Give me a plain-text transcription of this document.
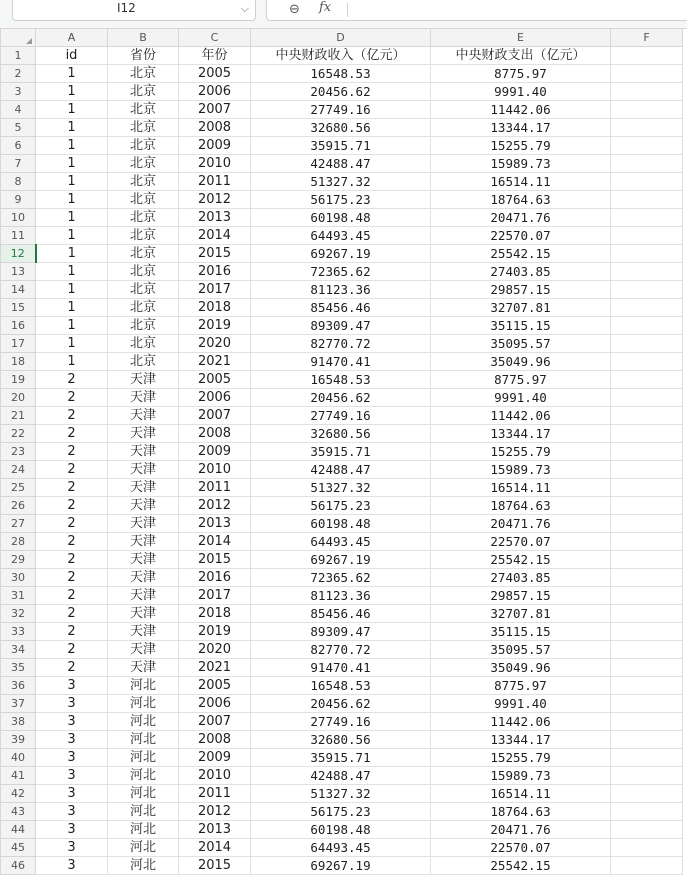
I12	⌵	⊖ fx
	A	B	C	D	E	F
1	id	省份	年份	中央财政收入（亿元）	中央财政支出（亿元）	
2	1	北京	2005	16548.53	8775.97	
3	1	北京	2006	20456.62	9991.40	
4	1	北京	2007	27749.16	11442.06	
5	1	北京	2008	32680.56	13344.17	
6	1	北京	2009	35915.71	15255.79	
7	1	北京	2010	42488.47	15989.73	
8	1	北京	2011	51327.32	16514.11	
9	1	北京	2012	56175.23	18764.63	
10	1	北京	2013	60198.48	20471.76	
11	1	北京	2014	64493.45	22570.07	
12	1	北京	2015	69267.19	25542.15	
13	1	北京	2016	72365.62	27403.85	
14	1	北京	2017	81123.36	29857.15	
15	1	北京	2018	85456.46	32707.81	
16	1	北京	2019	89309.47	35115.15	
17	1	北京	2020	82770.72	35095.57	
18	1	北京	2021	91470.41	35049.96	
19	2	天津	2005	16548.53	8775.97	
20	2	天津	2006	20456.62	9991.40	
21	2	天津	2007	27749.16	11442.06	
22	2	天津	2008	32680.56	13344.17	
23	2	天津	2009	35915.71	15255.79	
24	2	天津	2010	42488.47	15989.73	
25	2	天津	2011	51327.32	16514.11	
26	2	天津	2012	56175.23	18764.63	
27	2	天津	2013	60198.48	20471.76	
28	2	天津	2014	64493.45	22570.07	
29	2	天津	2015	69267.19	25542.15	
30	2	天津	2016	72365.62	27403.85	
31	2	天津	2017	81123.36	29857.15	
32	2	天津	2018	85456.46	32707.81	
33	2	天津	2019	89309.47	35115.15	
34	2	天津	2020	82770.72	35095.57	
35	2	天津	2021	91470.41	35049.96	
36	3	河北	2005	16548.53	8775.97	
37	3	河北	2006	20456.62	9991.40	
38	3	河北	2007	27749.16	11442.06	
39	3	河北	2008	32680.56	13344.17	
40	3	河北	2009	35915.71	15255.79	
41	3	河北	2010	42488.47	15989.73	
42	3	河北	2011	51327.32	16514.11	
43	3	河北	2012	56175.23	18764.63	
44	3	河北	2013	60198.48	20471.76	
45	3	河北	2014	64493.45	22570.07	
46	3	河北	2015	69267.19	25542.15	
